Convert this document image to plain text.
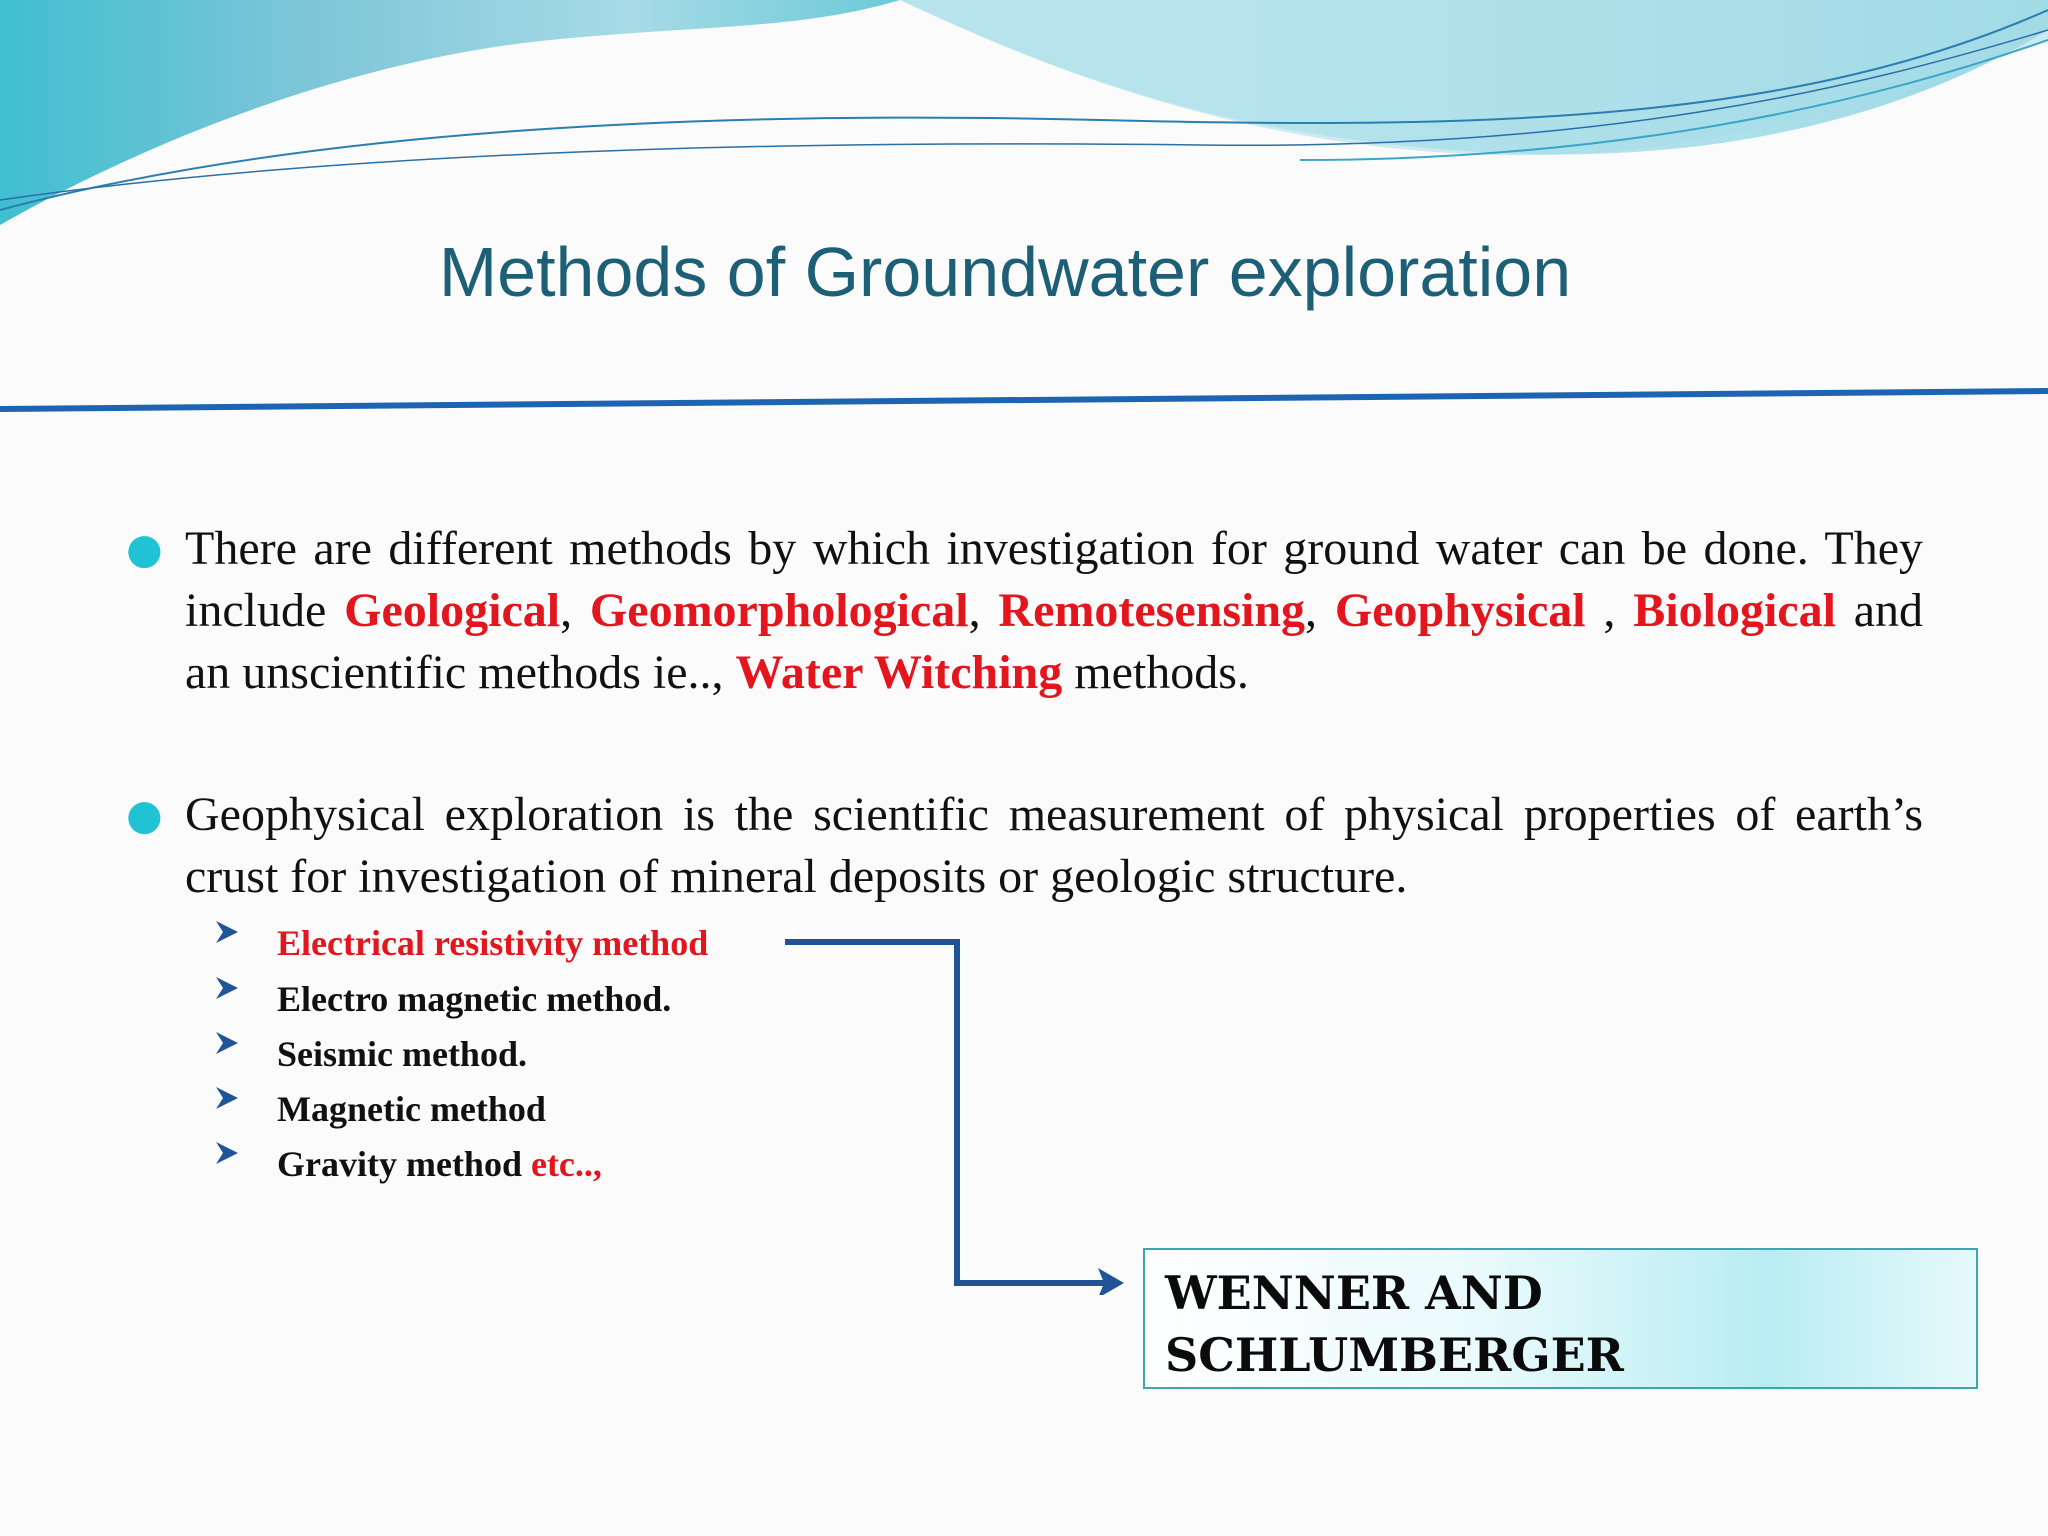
Methods of Groundwater exploration
● There are different methods by which investigation for ground water can be done. They include Geological, Geomorphological, Remotesensing, Geophysical , Biological and an unscientific methods ie.., Water Witching methods.
● Geophysical exploration is the scientific measurement of physical properties of earth’s crust for investigation of mineral deposits or geologic structure.
Electrical resistivity method
Electro magnetic method.
Seismic method.
Magnetic method
Gravity method etc..,
WENNER AND
SCHLUMBERGER
